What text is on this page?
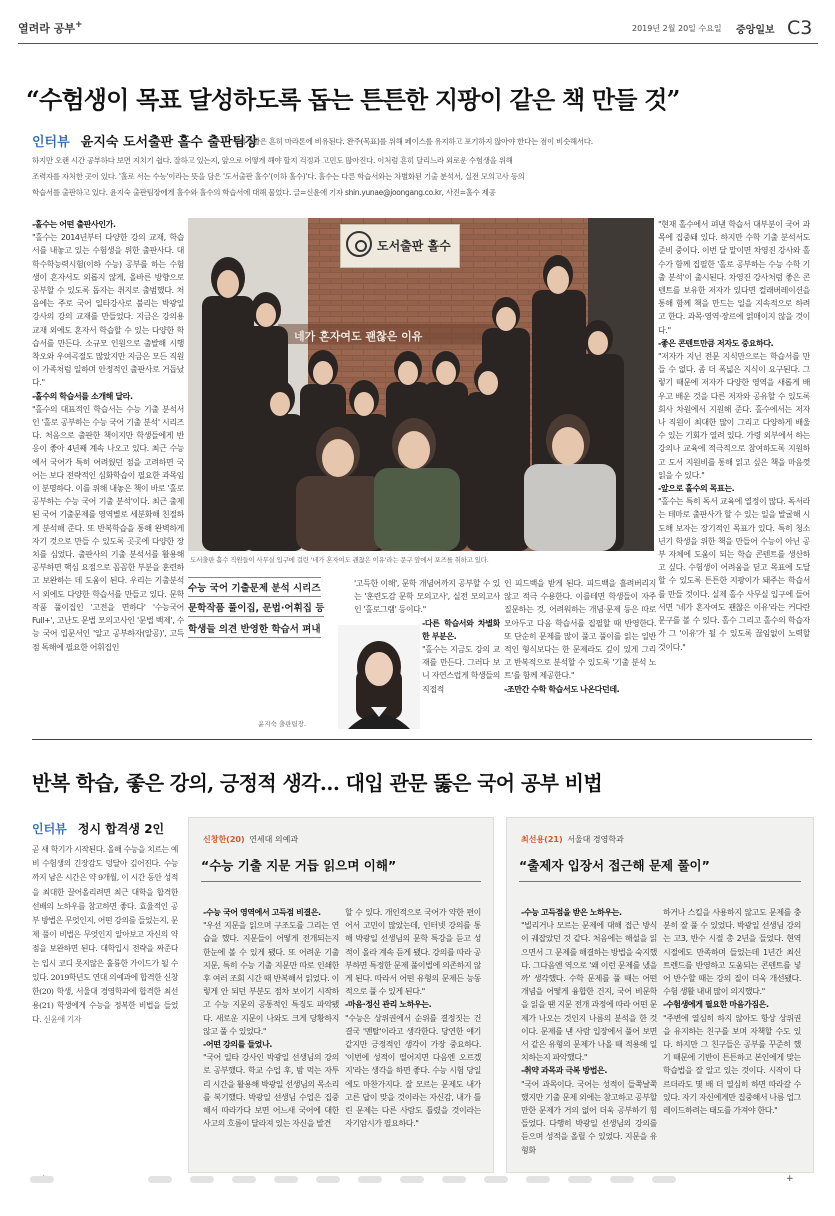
열려라 공부+	2019년 2월 20일 수요일 중앙일보 C3
“수험생이 목표 달성하도록 돕는 튼튼한 지팡이 같은 책 만들 것”
인터뷰 윤지숙 도서출판 홀수 출판팀장
수험생활은 흔히 마라톤에 비유된다. 완주(목표)를 위해 페이스를 유지하고 포기하지 않아야 한다는 점이 비슷해서다.
하지만 오랜 시간 공부하다 보면 지치기 쉽다. 잘하고 있는지, 앞으로 어떻게 해야 할지 걱정과 고민도 많아진다. 이처럼 흔히 달리느라 외로운 수험생을 위해
조력자를 자처한 곳이 있다. '홀로 서는 수능'이라는 뜻을 담은 '도서출판 홀수'(이하 홀수)'다. 홀수는 다른 학습서와는 차별화된 기출 분석서, 실전 모의고사 등의
학습서를 출판하고 있다. 윤지숙 출판팀장에게 홀수와 홀수의 학습서에 대해 물었다. 글=신윤애 기자 shin.yunae@joongang.co.kr, 사진=홀수 제공

-홀수는 어떤 출판사인가.

"홀수는 2014년부터 다양한 강의 교재, 학습서를 내놓고 있는 수험생을 위한 출판사다. 대학수학능력시험(이하 수능) 공부를 하는 수험생이 혼자서도 외롭지 않게, 올바른 방향으로 공부할 수 있도록 돕자는 취지로 출범했다. 처음에는 주로 국어 일타강사로 불리는 박광일 강사의 강의 교재를 만들었다. 지금은 강의용 교재 외에도 혼자서 학습할 수 있는 다양한 학습서를 만든다. 소규모 인원으로 출발해 시행착오와 우여곡절도 많았지만 지금은 모든 직원이 가족처럼 일하며 안정적인 출판사로 거듭났다."

-홀수의 학습서를 소개해 달라.

"홀수의 대표적인 학습서는 수능 기출 분석서인 '홀로 공부하는 수능 국어 기출 분석' 시리즈다. 처음으로 출판한 책이지만 학생들에게 반응이 좋아 4년째 계속 나오고 있다. 최근 수능에서 국어가 특히 어려웠던 점을 고려하면 국어는 보다 전략적인 심화학습이 필요한 과목임이 분명하다. 이를 위해 내놓은 책이 바로 '홀로 공부하는 수능 국어 기출 분석'이다. 최근 출제된 국어 기출문제를 영역별로 세분화해 친절하게 분석해 준다. 또 반복학습을 통해 완벽하게 자기 것으로 만들 수 있도록 곳곳에 다양한 장치를 심었다. 출판사의 기출 분석서를 활용해 공부하면 핵심 요점으로 꼼꼼한 부분을 훈련하고 보완하는 데 도움이 된다. 우리는 기출분석서 외에도 다양한 학습서를 만들고 있다. 문학작품 풀이집인 '고전을 면하다' '수능국어 Full+', 고난도 문법 모의고사인 '문법 백제', 수능 국어 입문서인 '알고 공부하자(알공)', 고득점 독해에 필요한 어휘집인

도서출판 홀수
네가 혼자여도 괜찮은 이유
도서출판 홀수 직원들이 사무실 입구에 걸린 '네가 혼자여도 괜찮은 이유'라는 문구 앞에서 포즈를 취하고 있다.
수능 국어 기출문제 분석 시리즈
문학작품 풀이집, 문법·어휘집 등
학생들 의견 반영한 학습서 펴내
윤지숙 출판팀장.

'고득한 이해', 문학 개념어까지 공부할 수 있는 '훈련도감 문학 모의고사', 실전 모의고사인 '홀로그램' 등이다."

-다른 학습서와 차별화한 부분은.

"홀수는 지금도 강의 교재를 만든다. 그러다 보니 자연스럽게 학생들의 직접적

인 피드백을 받게 된다. 피드백을 흘려버리지 않고 적극 수용한다. 이를테면 학생들이 자주 질문하는 것, 어려워하는 개념·문제 등은 따로 모아두고 다음 학습서를 집필할 때 반영한다. 또 단순히 문제를 많이 풀고 풀이를 읽는 일반적인 형식보다는 한 문제라도 깊이 있게 그리고 반복적으로 분석할 수 있도록 '기출 분석 노트'를 함께 제공한다."

-조만간 수학 학습서도 나온다던데.

"현재 홀수에서 펴낸 학습서 대부분이 국어 과목에 집중돼 있다. 하지만 수학 기출 분석서도 준비 중이다. 이번 달 말이면 차영진 강사와 홀수가 함께 집필한 '홀로 공부하는 수능 수학 기출 분석'이 출시된다. 차영진 강사처럼 좋은 콘텐트를 보유한 저자가 있다면 컬래버레이션을 통해 함께 책을 만드는 일을 지속적으로 하려고 한다. 과목·영역·장르에 얽매이지 않을 것이다."

-좋은 콘텐트만큼 저자도 중요하다.

"저자가 지닌 전문 지식만으로는 학습서를 만들 수 없다. 좀 더 폭넓은 지식이 요구된다. 그렇기 때문에 저자가 다양한 영역을 새롭게 배우고 배운 것을 다른 저자와 공유할 수 있도록 회사 차원에서 지원해 준다. 홀수에서는 저자나 직원이 최대한 많이 그리고 다양하게 배울 수 있는 기회가 열려 있다. 가령 외부에서 하는 강의나 교육에 적극적으로 참여하도록 지원하고 도서 지원비를 통해 읽고 싶은 책을 마음껏 읽을 수 있다."

-앞으로 홀수의 목표는.

"홀수는 특히 독서 교육에 열정이 많다. 독서라는 테마로 출판사가 할 수 있는 일을 발굴해 시도해 보자는 장기적인 목표가 있다. 특히 청소년기 학생을 위한 책을 만들어 수능이 아닌 공부 자체에 도움이 되는 학습 콘텐트를 생산하고 싶다. 수험생이 어려움을 딛고 목표에 도달할 수 있도록 튼튼한 지팡이가 돼주는 학습서를 만들 것이다. 실제 홀수 사무실 입구에 들어서면 '네가 혼자여도 괜찮은 이유'라는 커다란 문구를 볼 수 있다. 홀수 그리고 홀수의 학습자가 그 '이유'가 될 수 있도록 끊임없이 노력할 것이다."

반복 학습, 좋은 강의, 긍정적 생각… 대입 관문 뚫은 국어 공부 비법
인터뷰 정시 합격생 2인

곧 새 학기가 시작된다. 올해 수능을 치르는 예비 수험생의 긴장감도 덩달아 깊어진다. 수능까지 남은 시간은 약 9개월, 이 시간 동안 성적을 최대한 끌어올리려면 최근 대학을 합격한 선배의 노하우를 참고하면 좋다. 효율적인 공부 방법은 무엇인지, 어떤 강의를 들었는지, 문제 풀이 비법은 무엇인지 알아보고 자신의 약점을 보완하면 된다. 대학입시 전략을 짜준다는 입시 코디 못지않은 훌륭한 가이드가 될 수 있다. 2019학년도 연대 의예과에 합격한 신창한(20) 학생, 서울대 경영학과에 합격한 최선용(21) 학생에게 수능을 정복한 비법을 들었다. 신윤애 기자

신창한(20) 연세대 의예과
“수능 기출 지문 거듭 읽으며 이해”

-수능 국어 영역에서 고득점 비결은.

"우선 지문을 읽으며 구조도를 그리는 연습을 했다. 지문들이 어떻게 전개되는지 한눈에 볼 수 있게 됐다. 또 어려운 기출 지문, 특히 수능 기출 지문만 따로 인쇄한 후 여러 조회 시간 때 반복해서 읽었다. 이렇게 안 되던 부분도 점차 보이기 시작하고 수능 지문의 공통적인 특징도 파악됐다. 새로운 지문이 나와도 크게 당황하지 않고 풀 수 있었다."

-어떤 강의를 들었나.

"국어 일타 강사인 박광일 선생님의 강의로 공부했다. 학교 수업 후, 밤 먹는 자투리 시간을 활용해 박광일 선생님의 목소리를 복기했다. 박광일 선생님 수업은 집중해서 따라가다 보면 어느새 국어에 대한 사고의 흐름이 달라져 있는 자신을 발견

할 수 있다. 개인적으로 국어가 약한 편이어서 고민이 많았는데, 인터넷 강의를 통해 박광일 선생님의 문학 특강을 듣고 성적이 올라 계속 듣게 됐다. 강의를 따라 공부하면 특정한 문제 풀이법에 의존하지 않게 된다. 따라서 어떤 유형의 문제든 능동적으로 풀 수 있게 된다."

-마음·정신 관리 노하우는.

"수능은 상위권에서 순위를 결정짓는 건 결국 '멘탈'이라고 생각한다. 당연한 얘기 같지만 긍정적인 생각이 가장 중요하다. '이번에 성적이 떨어지면 다음엔 오르겠지'라는 생각을 하면 좋다. 수능 시험 당일에도 마찬가지다. 잘 모르는 문제도 내가 고른 답이 맞을 것이라는 자신감, 내가 틀린 문제는 다른 사람도 틀렸을 것이라는 자기암시가 필요하다."

최선용(21) 서울대 경영학과
“출제자 입장서 접근해 문제 풀이”

-수능 고득점을 받은 노하우는.

"빌리거나 모르는 문제에 대해 접근 방식이 궤잡았던 것 같다. 처음에는 해설을 읽으면서 그 문제를 해결하는 방법을 숙지했다. 그다음엔 역으로 '왜 이런 문제를 냈을까' 생각했다. 수학 문제를 풀 때는 어떤 개념을 어떻게 융합한 건지, 국어 비문학을 읽을 땐 지문 전개 과정에 따라 어떤 문제가 나오는 것인지 나름의 분석을 한 것이다. 문제를 낸 사람 입장에서 풀어 보면서 같은 유형의 문제가 나올 때 적용해 일치하는지 파악했다."

-취약 과목과 극복 방법은.

"국어 과목이다. 국어는 성적이 들쭉날쭉했지만 기출 문제 외에는 참고하고 공부할 만한 문제가 거의 없어 더욱 공부하기 힘들었다. 다행히 박광일 선생님의 강의를 듣으며 성적을 올릴 수 있었다. 지문을 유형화

하거나 스킬을 사용하지 않고도 문제를 충분히 잘 풀 수 있었다. 박광일 선생님 강의는 고3, 반수 시절 총 2년을 들었다. 현역 시절에도 만족하며 들었는데 1년간 최신 트렌드를 반영하고 도움되는 콘텐트를 넣어 반수할 때는 강의 질이 더욱 개선됐다. 수험 생활 내내 많이 의지했다."

-수험생에게 필요한 마음가짐은.

"주변에 열심히 하지 않아도 항상 상위권을 유지하는 친구를 보며 자책할 수도 있다. 하지만 그 친구들은 공부를 꾸준히 했기 때문에 기반이 튼튼하고 본인에게 맞는 학습법을 잘 알고 있는 것이다. 시작이 다르더라도 몇 배 더 열심히 하면 따라갈 수 있다. 자기 자신에게만 집중해서 나름 업그레이드하려는 태도를 가져야 한다."

+
